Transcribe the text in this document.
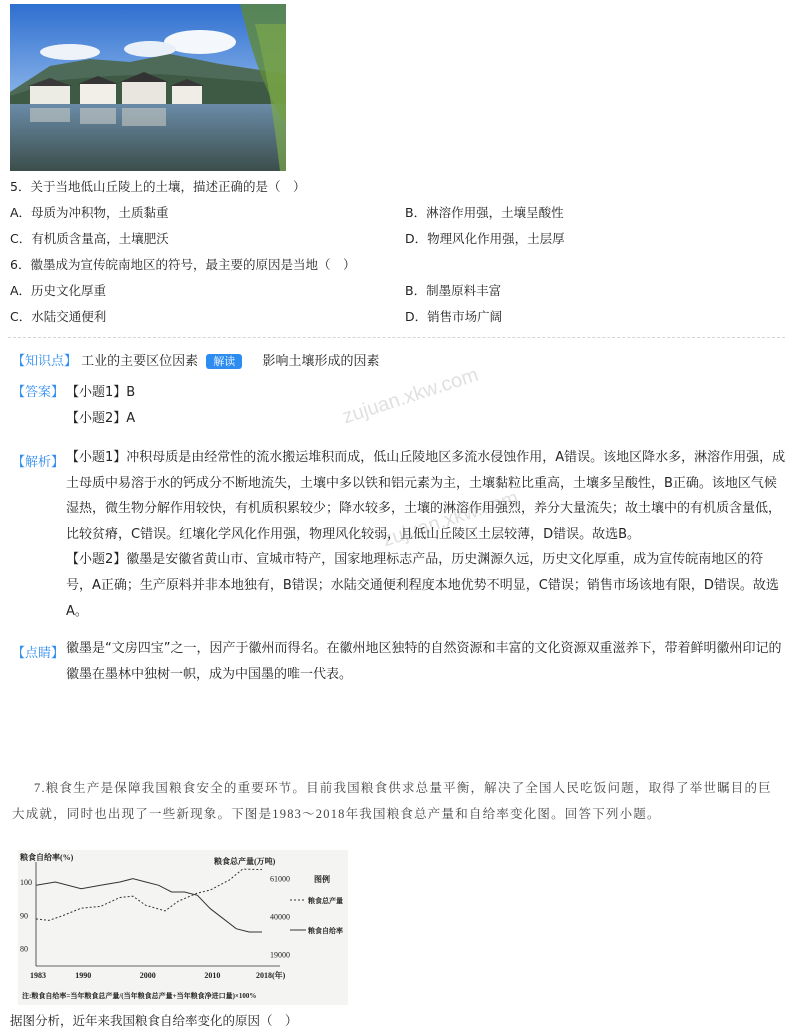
5．关于当地低山丘陵上的土壤，描述正确的是（　）
A．母质为冲积物，土质黏重	B．淋溶作用强，土壤呈酸性
C．有机质含量高，土壤肥沃	D．物理风化作用强，土层厚
6．徽墨成为宣传皖南地区的符号，最主要的原因是当地（　）
A．历史文化厚重	B．制墨原料丰富
C．水陆交通便利	D．销售市场广阔
【知识点】 工业的主要区位因素 解读 影响土壤形成的因素
【答案】 【小题1】B
【小题2】A	zujuan.xkw.com
zujuan.xkw.com
【解析】 【小题1】冲积母质是由经常性的流水搬运堆积而成，低山丘陵地区多流水侵蚀作用，A错误。该地区降水多，淋溶作用强，成
土母质中易溶于水的钙成分不断地流失，土壤中多以铁和铝元素为主，土壤黏粒比重高，土壤多呈酸性，B正确。该地区气候
湿热，微生物分解作用较快，有机质积累较少；降水较多，土壤的淋溶作用强烈，养分大量流失；故土壤中的有机质含量低，
比较贫瘠，C错误。红壤化学风化作用强，物理风化较弱，且低山丘陵区土层较薄，D错误。故选B。
【小题2】徽墨是安徽省黄山市、宣城市特产，国家地理标志产品，历史渊源久远，历史文化厚重，成为宣传皖南地区的符
号，A正确；生产原料并非本地独有，B错误；水陆交通便利程度本地优势不明显，C错误；销售市场该地有限，D错误。故选
A。
【点睛】 徽墨是“文房四宝”之一，因产于徽州而得名。在徽州地区独特的自然资源和丰富的文化资源双重滋养下，带着鲜明徽州印记的
徽墨在墨林中独树一帜，成为中国墨的唯一代表。
7.粮食生产是保障我国粮食安全的重要环节。目前我国粮食供求总量平衡，解决了全国人民吃饭问题，取得了举世瞩目的巨
大成就，同时也出现了一些新现象。下图是1983～2018年我国粮食总产量和自给率变化图。回答下列小题。
粮食自给率(%)	粮食总产量(万吨)
80
90
100
19000
40000
61000
1983	1990	2000	2010	2018(年)
图例
粮食总产量
粮食自给率
注:粮食自给率=当年粮食总产量/(当年粮食总产量+当年粮食净进口量)×100%
据图分析，近年来我国粮食自给率变化的原因（　）
